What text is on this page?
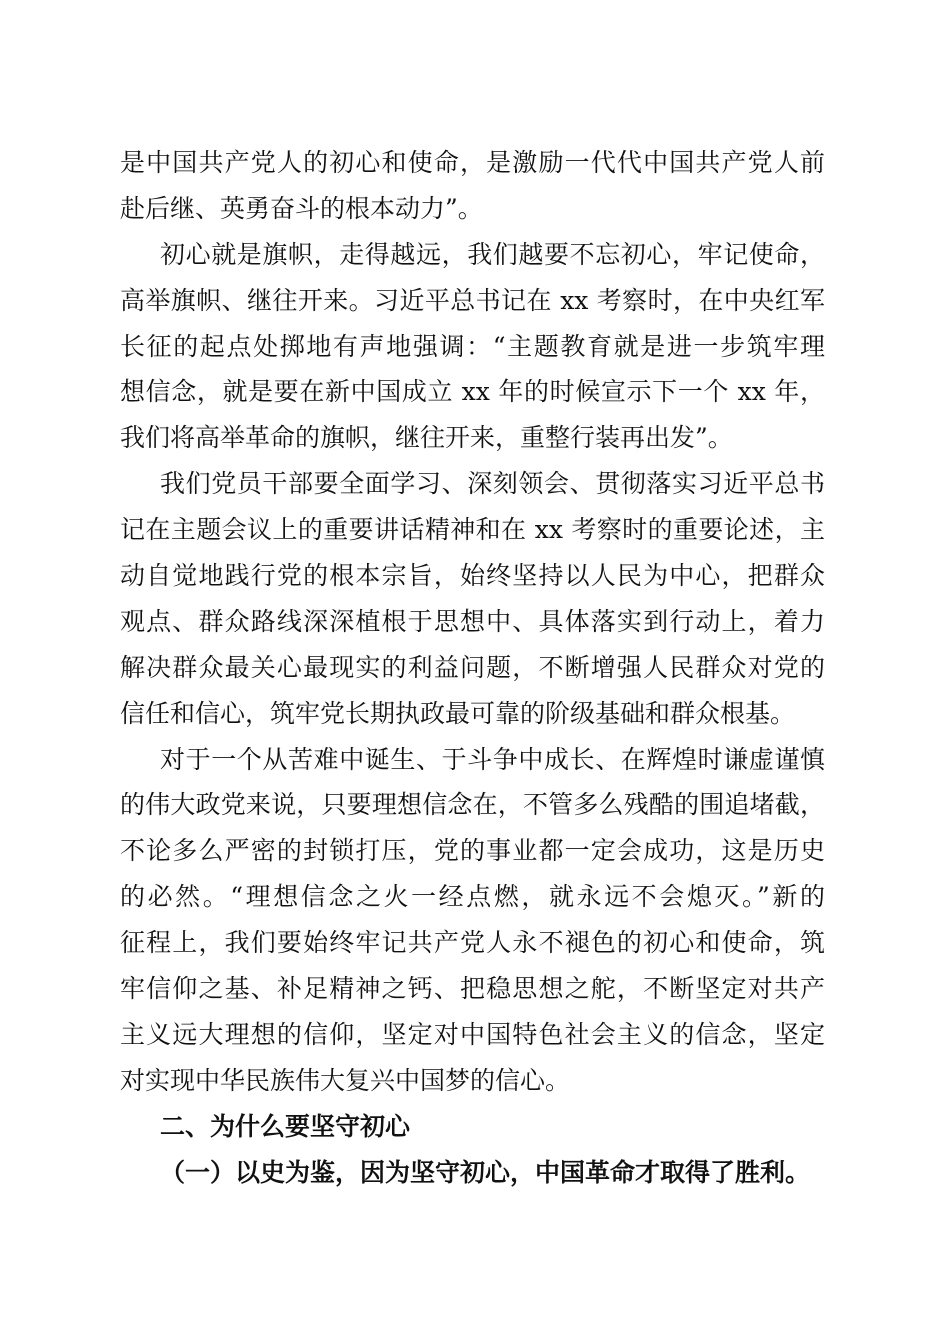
是中国共产党人的初心和使命，是激励一代代中国共产党人前
赴后继、英勇奋斗的根本动力”。
初心就是旗帜，走得越远，我们越要不忘初心，牢记使命，
高举旗帜、继往开来。习近平总书记在 xx 考察时，在中央红军
长征的起点处掷地有声地强调：“主题教育就是进一步筑牢理
想信念，就是要在新中国成立 xx 年的时候宣示下一个 xx 年，
我们将高举革命的旗帜，继往开来，重整行装再出发”。
我们党员干部要全面学习、深刻领会、贯彻落实习近平总书
记在主题会议上的重要讲话精神和在 xx 考察时的重要论述，主
动自觉地践行党的根本宗旨，始终坚持以人民为中心，把群众
观点、群众路线深深植根于思想中、具体落实到行动上，着力
解决群众最关心最现实的利益问题，不断增强人民群众对党的
信任和信心，筑牢党长期执政最可靠的阶级基础和群众根基。
对于一个从苦难中诞生、于斗争中成长、在辉煌时谦虚谨慎
的伟大政党来说，只要理想信念在，不管多么残酷的围追堵截，
不论多么严密的封锁打压，党的事业都一定会成功，这是历史
的必然。“理想信念之火一经点燃，就永远不会熄灭。”新的
征程上，我们要始终牢记共产党人永不褪色的初心和使命，筑
牢信仰之基、补足精神之钙、把稳思想之舵，不断坚定对共产
主义远大理想的信仰，坚定对中国特色社会主义的信念，坚定
对实现中华民族伟大复兴中国梦的信心。
二、为什么要坚守初心
（一）以史为鉴，因为坚守初心，中国革命才取得了胜利。
